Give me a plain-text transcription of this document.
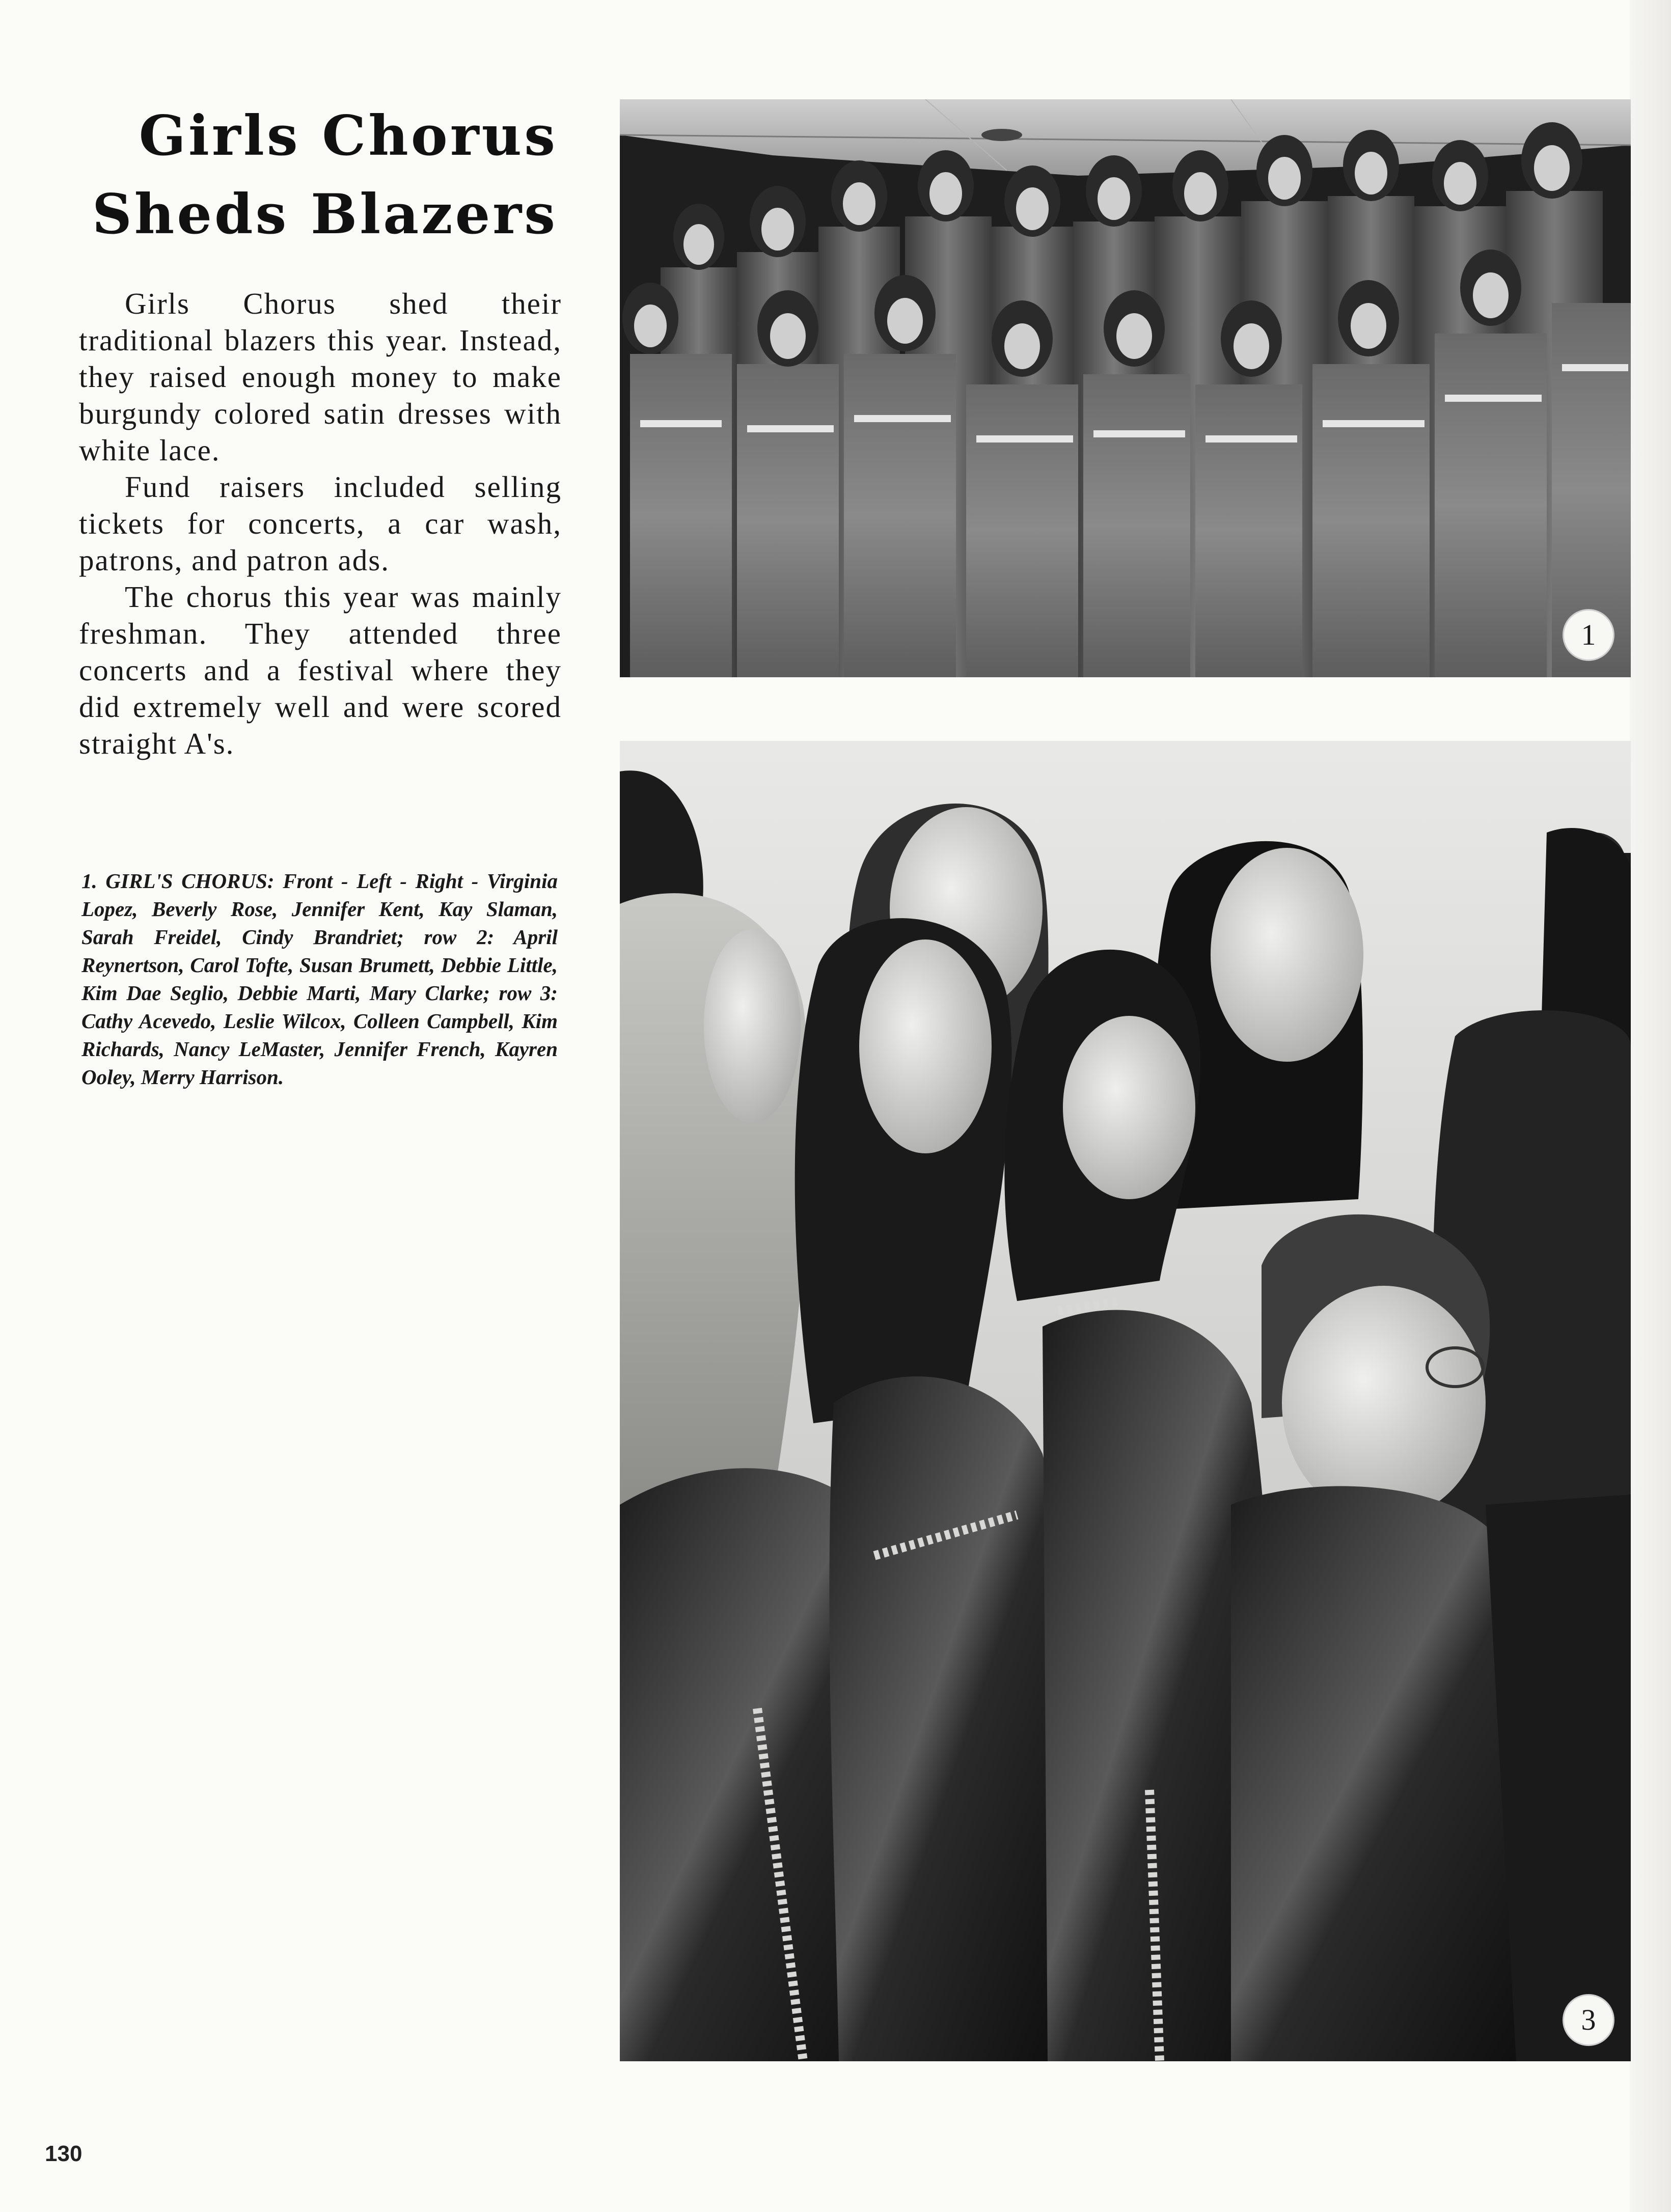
Girls Chorus
Sheds Blazers

Girls Chorus shed their traditional blazers this year. Instead, they raised enough money to make burgundy colored satin dresses with white lace.

Fund raisers included selling tickets for concerts, a car wash, patrons, and patron ads.

The chorus this year was mainly freshman. They attended three concerts and a festival where they did extremely well and were scored straight A's.

1. GIRL'S CHORUS: Front - Left - Right - Virginia Lopez, Beverly Rose, Jennifer Kent, Kay Slaman, Sarah Freidel, Cindy Brandriet; row 2: April Reynertson, Carol Tofte, Susan Brumett, Debbie Little, Kim Dae Seglio, Debbie Marti, Mary Clarke; row 3: Cathy Acevedo, Leslie Wilcox, Colleen Campbell, Kim Richards, Nancy LeMaster, Jennifer French, Kayren Ooley, Merry Harrison.
1
3
130
